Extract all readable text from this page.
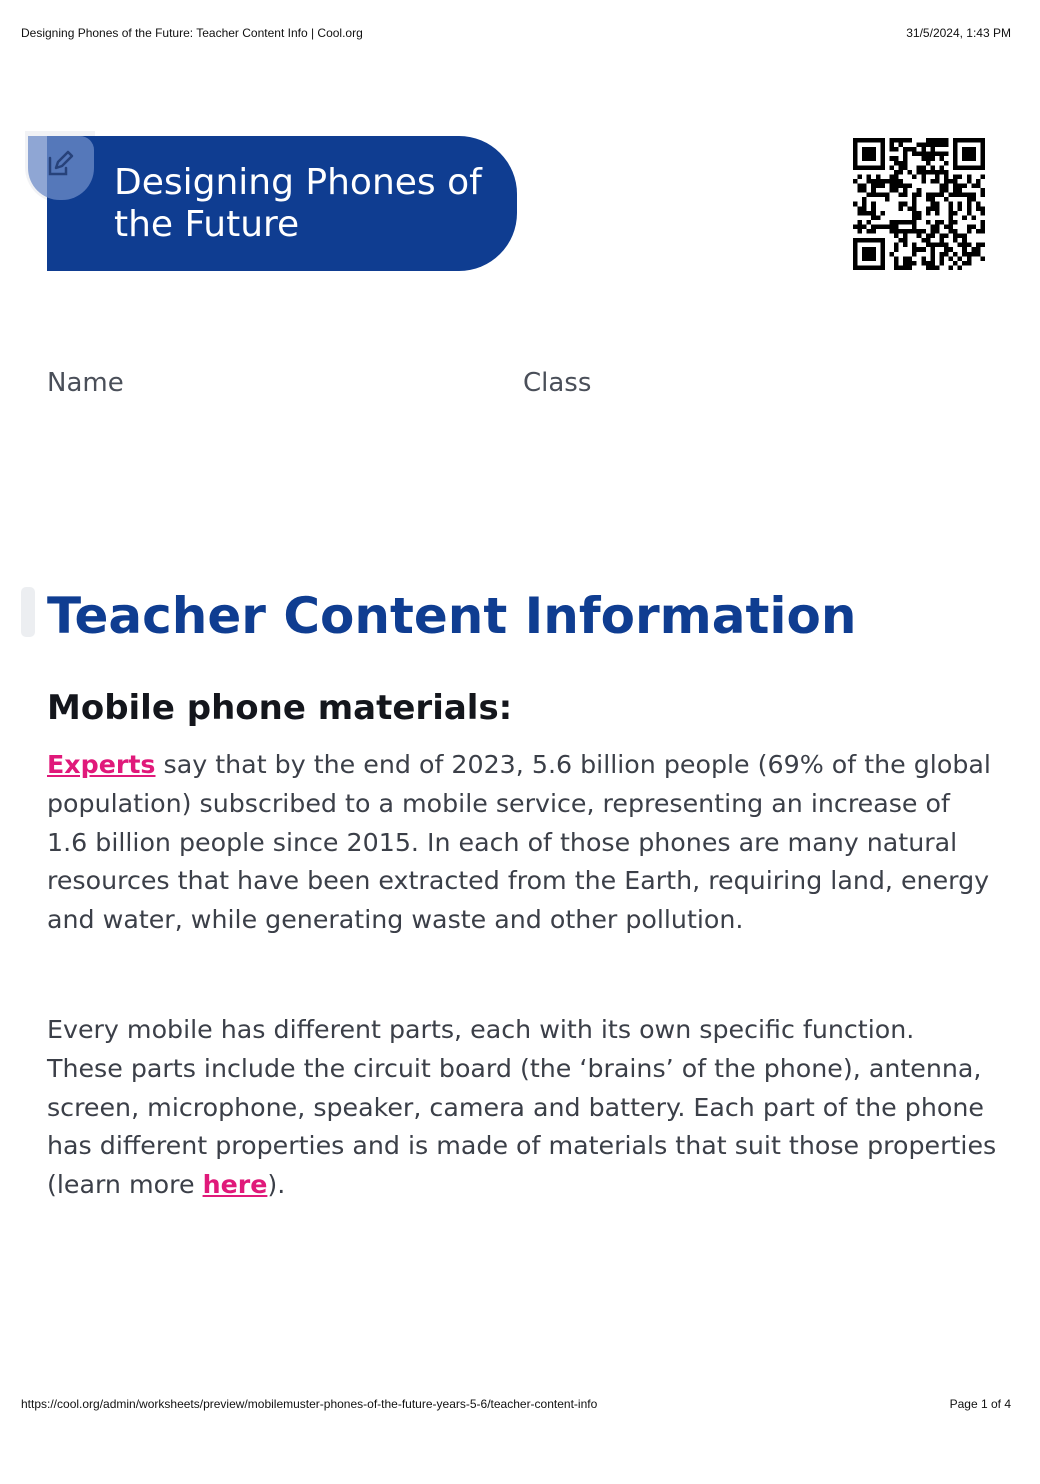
Designing Phones of the Future: Teacher Content Info | Cool.org	31/5/2024, 1:43 PM
Designing Phones of the Future
Name	Class
Teacher Content Information
Mobile phone materials:

Experts say that by the end of 2023, 5.6 billion people (69% of the global population) subscribed to a mobile service, representing an increase of 1.6 billion people since 2015. In each of those phones are many natural resources that have been extracted from the Earth, requiring land, energy and water, while generating waste and other pollution.

Every mobile has different parts, each with its own specific function. These parts include the circuit board (the ‘brains’ of the phone), antenna, screen, microphone, speaker, camera and battery. Each part of the phone has different properties and is made of materials that suit those properties (learn more here).

https://cool.org/admin/worksheets/preview/mobilemuster-phones-of-the-future-years-5-6/teacher-content-info	Page 1 of 4
